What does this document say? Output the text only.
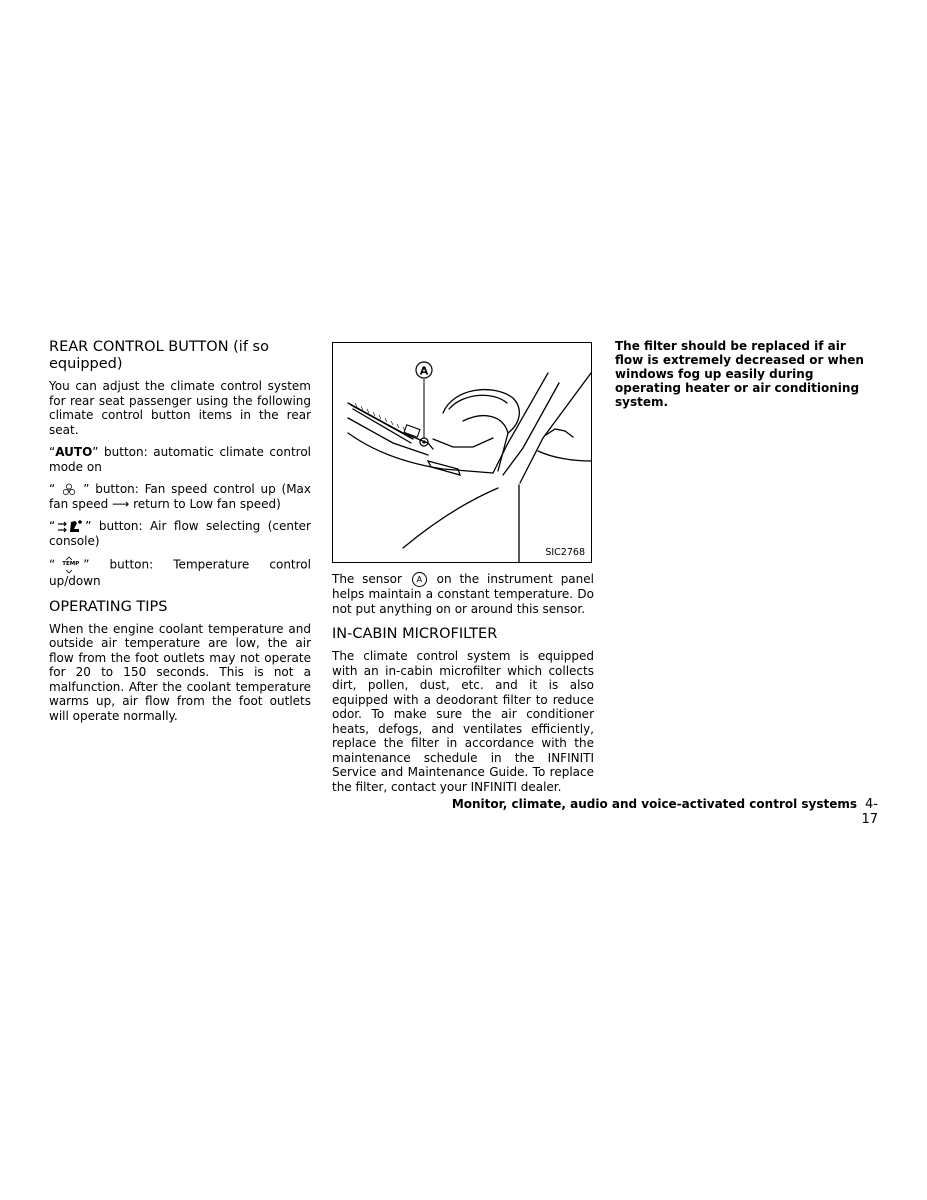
REAR CONTROL BUTTON (if so equipped)

You can adjust the climate control system for rear seat passenger using the following climate control button items in the rear seat.

“AUTO” button: automatic climate control mode on

“ ” button: Fan speed control up (Max fan speed ⟶ return to Low fan speed)

“	” button: Air flow selecting (center console)

“ TEMP ” button: Temperature control up/down

OPERATING TIPS

When the engine coolant temperature and outside air temperature are low, the air flow from the foot outlets may not operate for 20 to 150 seconds. This is not a malfunction. After the coolant temperature warms up, air flow from the foot outlets will operate normally.

A
SIC2768

The sensor A on the instrument panel helps maintain a constant temperature. Do not put anything on or around this sensor.

IN-CABIN MICROFILTER

The climate control system is equipped with an in-cabin microfilter which collects dirt, pollen, dust, etc. and it is also equipped with a deodorant filter to reduce odor. To make sure the air conditioner heats, defogs, and ventilates efficiently, replace the filter in accordance with the maintenance schedule in the INFINITI Service and Maintenance Guide. To replace the filter, contact your INFINITI dealer.

The filter should be replaced if air flow is extremely decreased or when windows fog up easily during operating heater or air conditioning system.

Monitor, climate, audio and voice-activated control systems 4-17
